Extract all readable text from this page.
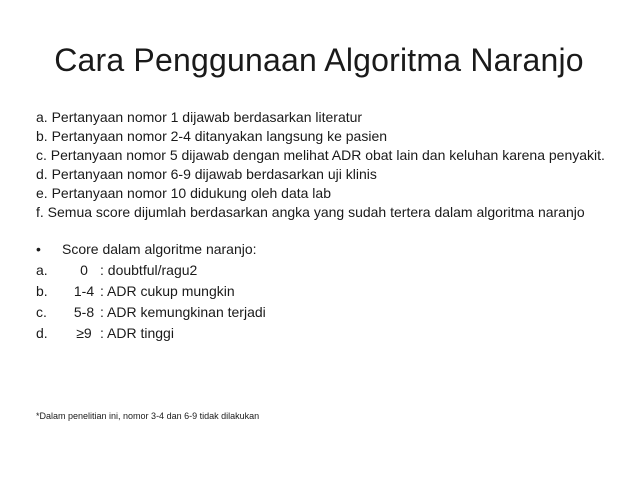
Cara Penggunaan Algoritma Naranjo
a. Pertanyaan nomor 1 dijawab berdasarkan literatur
b. Pertanyaan nomor 2-4 ditanyakan langsung ke pasien
c. Pertanyaan nomor 5 dijawab dengan melihat ADR obat lain dan keluhan karena penyakit.
d. Pertanyaan nomor 6-9 dijawab berdasarkan uji klinis
e. Pertanyaan nomor 10 didukung oleh data lab
f. Semua score dijumlah berdasarkan angka yang sudah tertera dalam algoritma naranjo
• Score dalam algoritme naranjo:
a.	0 : doubtful/ragu2
b. 1-4 : ADR cukup mungkin
c. 5-8 : ADR kemungkinan terjadi
d.	≥9 : ADR tinggi
*Dalam penelitian ini, nomor 3-4 dan 6-9 tidak dilakukan
